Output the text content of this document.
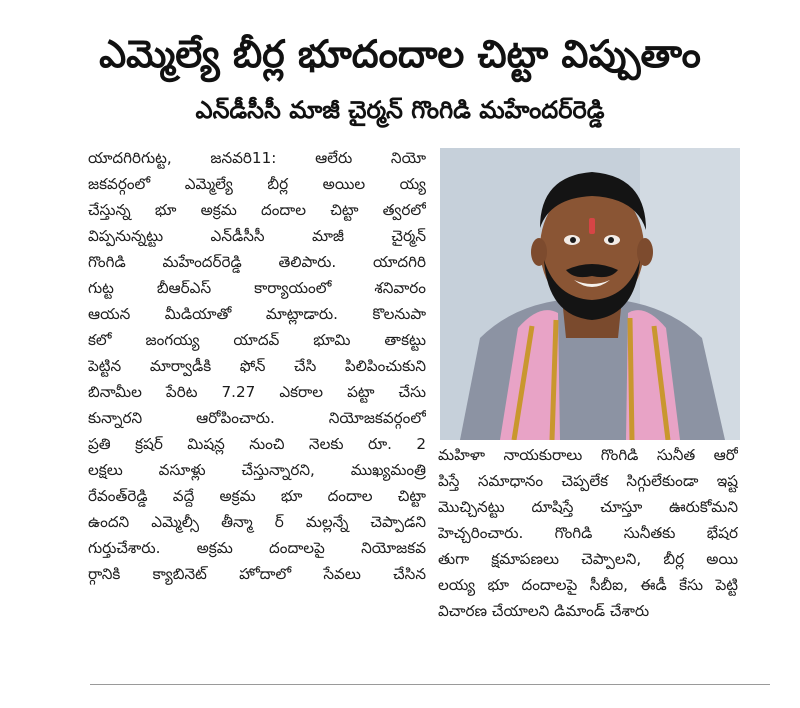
ఎమ్మెల్యే బీర్ల భూదందాల చిట్టా విప్పుతాం
ఎన్‌డీసీసీ మాజీ చైర్మన్ గొంగిడి మహేందర్‌రెడ్డి
యాదగిరిగుట్ట, జనవరి11: ఆలేరు నియో
జకవర్గంలో ఎమ్మెల్యే బీర్ల అయిల య్య
చేస్తున్న భూ అక్రమ దందాల చిట్టా త్వరలో
విప్పనున్నట్టు ఎన్‌డీసీసీ మాజీ చైర్మన్
గొంగిడి మహేందర్‌రెడ్డి తెలిపారు. యాదగిరి
గుట్ట బీఆర్‌ఎస్ కార్యాయంలో శనివారం
ఆయన మీడియాతో మాట్లాడారు. కొలనుపా
కలో జంగయ్య యాదవ్ భూమి తాకట్టు
పెట్టిన మార్వాడీకి ఫోన్ చేసి పిలిపించుకుని
బినామీల పేరిట 7.27 ఎకరాల పట్టా చేసు
కున్నారని ఆరోపించారు. నియోజకవర్గంలో
ప్రతి క్రషర్ మిషన్ల నుంచి నెలకు రూ. 2
లక్షలు వసూళ్లు చేస్తున్నారని, ముఖ్యమంత్రి
రేవంత్‌రెడ్డి వద్దే అక్రమ భూ దందాల చిట్టా
ఉందని ఎమ్మెల్సీ తీన్మా ర్ మల్లన్నే చెప్పాడని
గుర్తుచేశారు. అక్రమ దందాలపై నియోజకవ
ర్గానికి క్యాబినెట్ హోదాలో సేవలు చేసిన
మహిళా నాయకురాలు గొంగిడి సునీత ఆరో
పిస్తే సమాధానం చెప్పలేక సిగ్గులేకుండా ఇష్ట
మొచ్చినట్టు దూషిస్తే చూస్తూ ఊరుకోమని
హెచ్చరించారు. గొంగిడి సునీతకు భేషర
తుగా క్షమాపణలు చెప్పాలని, బీర్ల అయి
లయ్య భూ దందాలపై సీబీఐ, ఈడీ కేసు పెట్టి
విచారణ చేయాలని డిమాండ్ చేశారు
